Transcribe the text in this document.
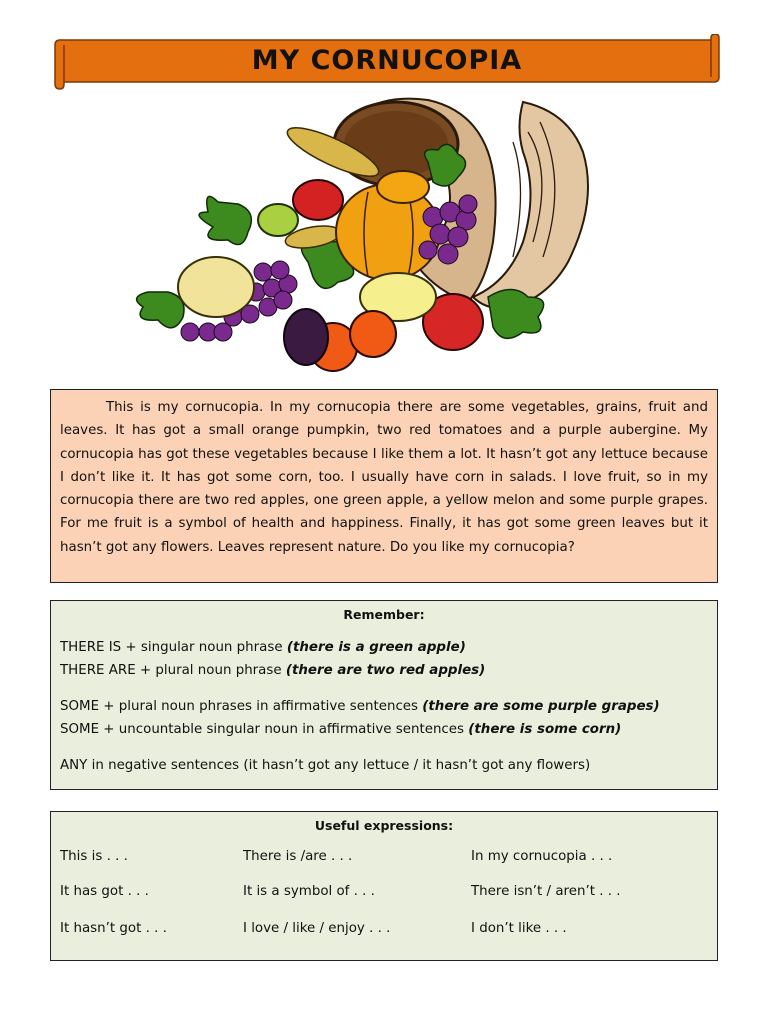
MY CORNUCOPIA

This is my cornucopia. In my cornucopia there are some vegetables, grains, fruit and leaves. It has got a small orange pumpkin, two red tomatoes and a purple aubergine. My cornucopia has got these vegetables because I like them a lot. It hasn’t got any lettuce because I don’t like it. It has got some corn, too. I usually have corn in salads. I love fruit, so in my cornucopia there are two red apples, one green apple, a yellow melon and some purple grapes. For me fruit is a symbol of health and happiness. Finally, it has got some green leaves but it hasn’t got any flowers. Leaves represent nature. Do you like my cornucopia?

Remember:
THERE IS + singular noun phrase (there is a green apple)
THERE ARE + plural noun phrase (there are two red apples)
SOME + plural noun phrases in affirmative sentences (there are some purple grapes)
SOME + uncountable singular noun in affirmative sentences (there is some corn)
ANY in negative sentences (it hasn’t got any lettuce / it hasn’t got any flowers)
Useful expressions:
This is . . .	There is /are . . .	In my cornucopia . . .
It has got . . .	It is a symbol of . . .	There isn’t / aren’t . . .
It hasn’t got . . .	I love / like / enjoy . . .	I don’t like . . .
